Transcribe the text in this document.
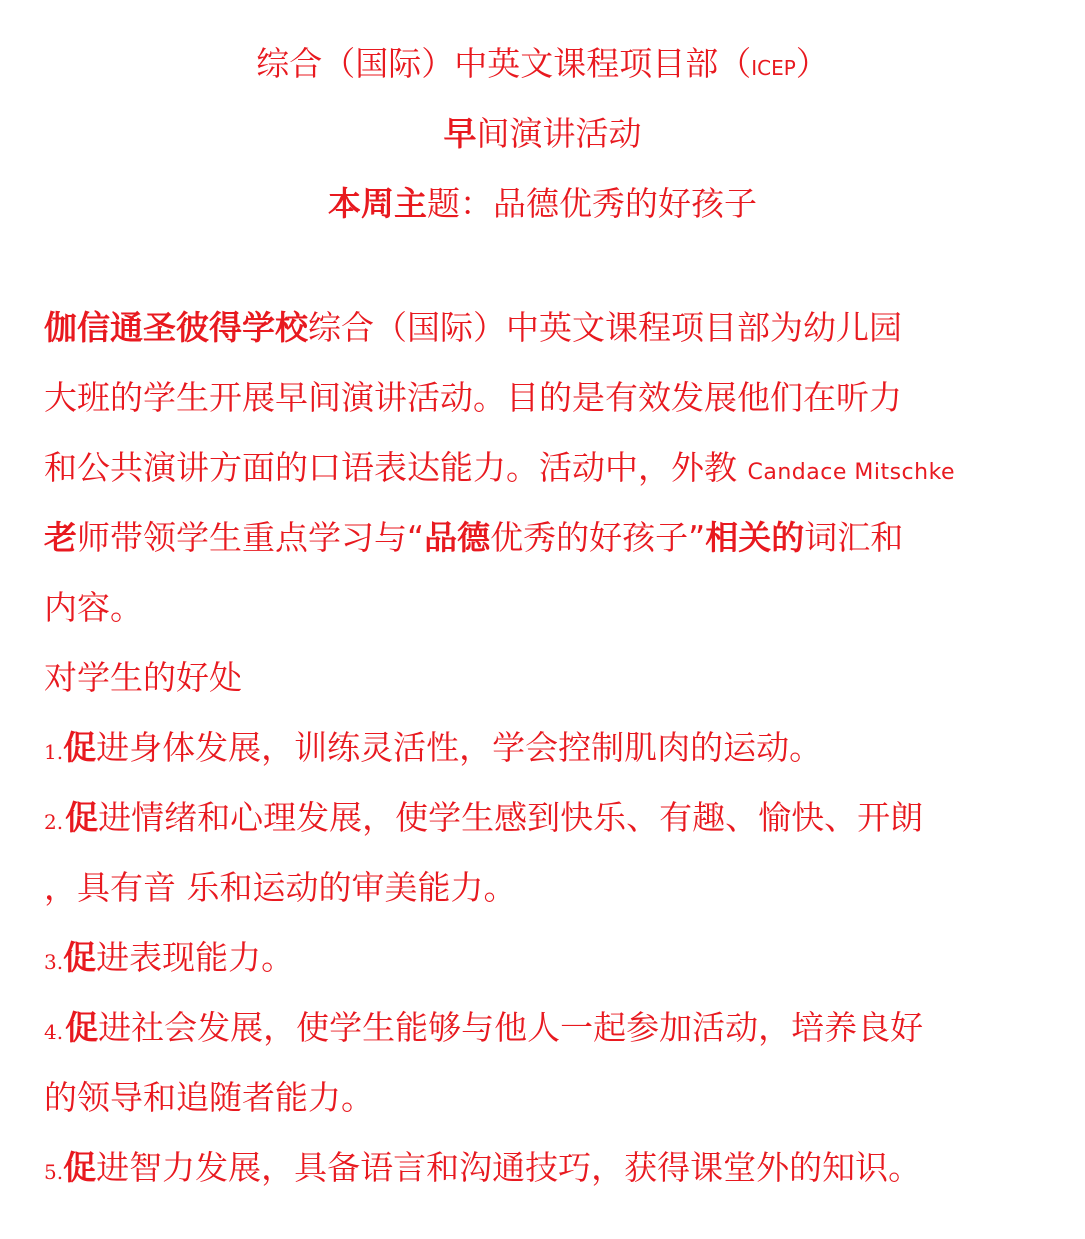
综合（国际）中英文课程项目部（ICEP）
早间演讲活动
本周主题：品德优秀的好孩子
伽信通圣彼得学校综合（国际）中英文课程项目部为幼儿园
大班的学生开展早间演讲活动。目的是有效发展他们在听力
和公共演讲方面的口语表达能力。活动中，外教 Candace Mitschke
老师带领学生重点学习与“品德优秀的好孩子”相关的词汇和
内容。
对学生的好处
1.促进身体发展，训练灵活性，学会控制肌肉的运动。
2.促进情绪和心理发展，使学生感到快乐、有趣、愉快、开朗
，具有音 乐和运动的审美能力。
3.促进表现能力。
4.促进社会发展，使学生能够与他人一起参加活动，培养良好
的领导和追随者能力。
5.促进智力发展，具备语言和沟通技巧，获得课堂外的知识。
